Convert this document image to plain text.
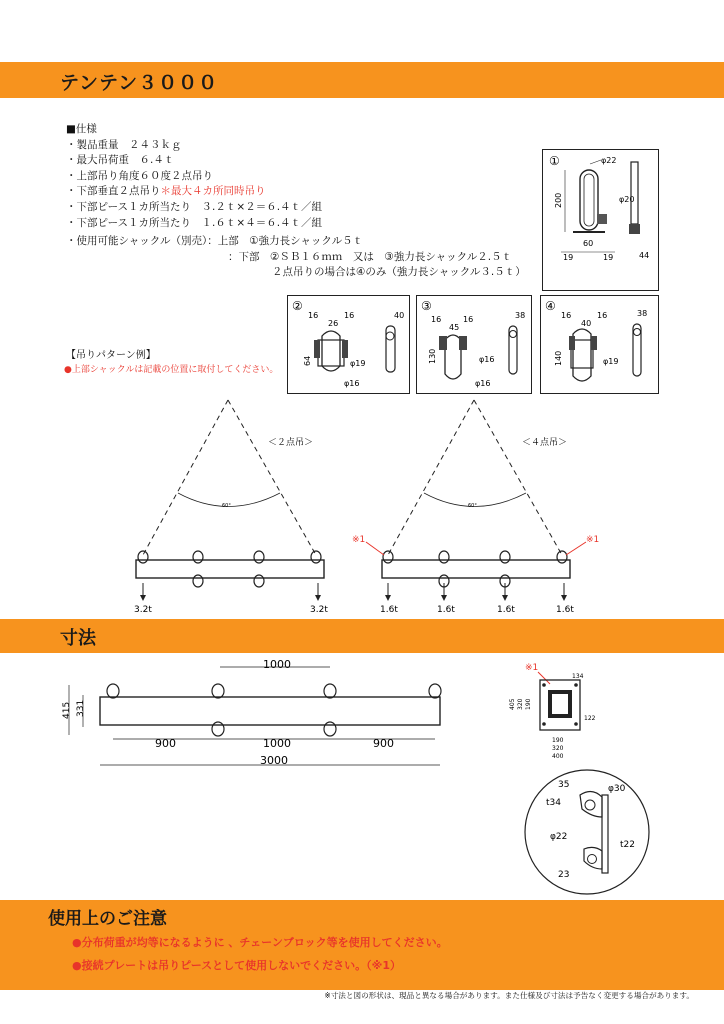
テンテン３０００
■仕様
・製品重量　２４３ｋｇ
・最大吊荷重　６.４ｔ
・上部吊り角度６０度２点吊り
・下部垂直２点吊り＊最大４カ所同時吊り
・下部ピース１カ所当たり　３.２ｔ×２＝６.４ｔ／組
・下部ピース１カ所当たり　１.６ｔ×４＝６.４ｔ／組
・使用可能シャックル（別売）：上部　①強力長シャックル５ｔ
：下部　②ＳＢ１６ｍｍ　又は　③強力長シャックル２.５ｔ
２点吊りの場合は④のみ（強力長シャックル３.５ｔ）
①	φ22
200
60
19	19
φ20
44
②
16
26
16	40
64	φ19
φ16
③
16
45
16	38
130	φ16
φ16
④
16
40
16	38
140	φ19
【吊りパターン例】
●上部シャックルは記載の位置に取付してください。
60°
＜２点吊＞
3.2t	3.2t
60°
＜４点吊＞
※1	※1
1.6t	1.6t	1.6t	1.6t
寸法
1000
415 331
900	1000	900
3000
※1
134
122
405 320 190
190
320
400
35	φ30
t34
φ22
t22
23
使用上のご注意
●分布荷重が均等になるように 、チェーンブロック等を使用してください。
●接続プレートは吊りピースとして使用しないでください。（※1）
※寸法と図の形状は、現品と異なる場合があります。また仕様及び寸法は予告なく変更する場合があります。
